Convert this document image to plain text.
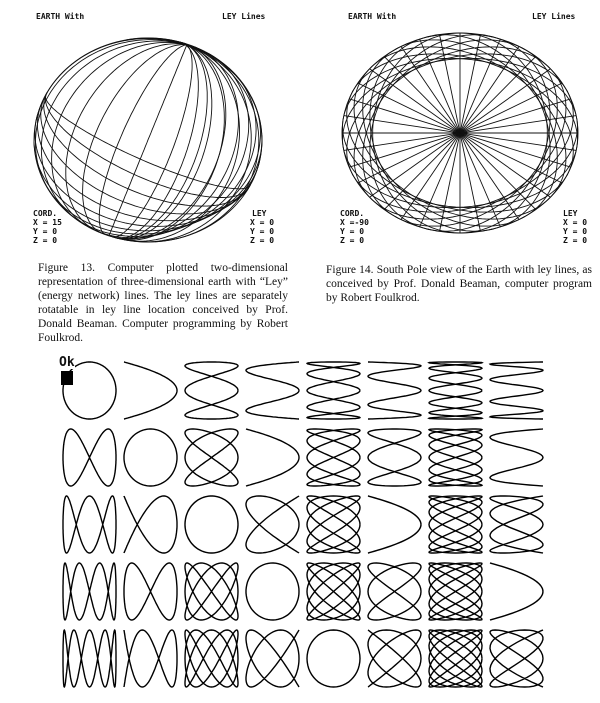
EARTH With	LEY Lines
CORD.
X = 15
Y = 0
Z = 0
LEY
X = 0
Y = 0
Z = 0
Figure 13. Computer plotted two-dimensional representation of three-dimensional earth with “Ley” (energy network) lines. The ley lines are separately rotatable in ley line location conceived by Prof. Donald Beaman. Computer programming by Robert Foulkrod.
EARTH With	LEY Lines
CORD.
X =-90
Y = 0
Z = 0
LEY
X = 0
Y = 0
Z = 0
Figure 14. South Pole view of the Earth with ley lines, as conceived by Prof. Donald Beaman, computer program by Robert Foulkrod.
Ok
